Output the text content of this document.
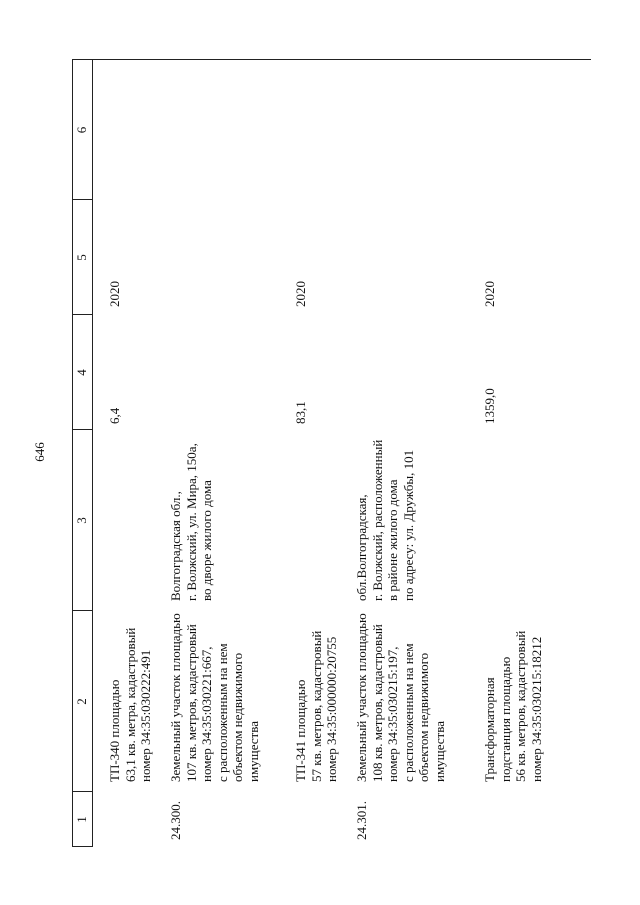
646
1
2
3
4
5
6
ТП-340 площадью 63,1 кв. метра, кадастровый номер 34:35:030222:491
6,4
2020
24.300.
Земельный участок площадью 107 кв. метров, кадастровый номер 34:35:030221:667, с расположенным на нем объектом недвижимого имущества
Волгоградская обл., г. Волжский, ул. Мира, 150а, во дворе жилого дома
ТП-341 площадью 57 кв. метров, кадастровый номер 34:35:000000:20755
83,1
2020
24.301.
Земельный участок площадью 108 кв. метров, кадастровый номер 34:35:030215:197, с расположенным на нем объектом недвижимого имущества
обл.Волгоградская, г. Волжский, расположенный в районе жилого дома по адресу: ул. Дружбы, 101
Трансформаторная подстанция площадью 56 кв. метров, кадастровый номер 34:35:030215:18212
1359,0
2020
